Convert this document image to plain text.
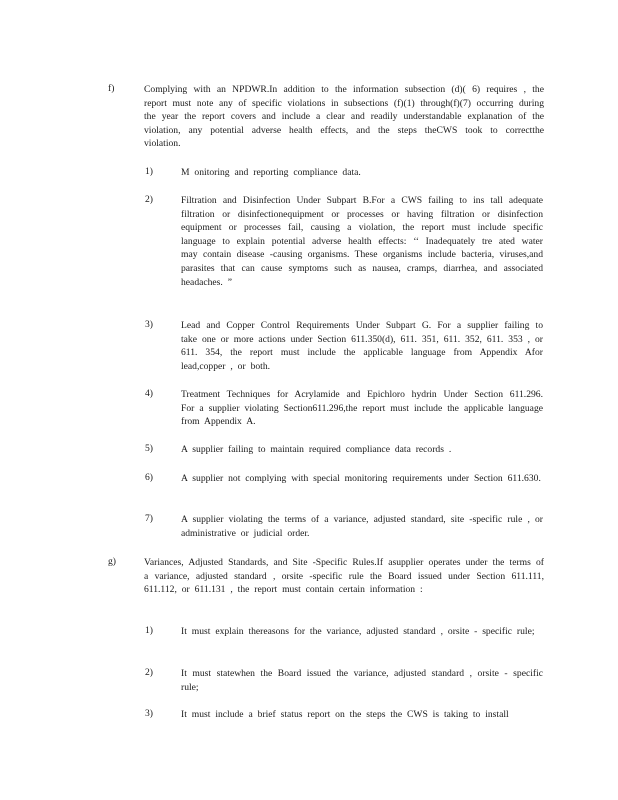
f)	Complying with an NPDWR.In addition to the information subsection (d)( 6) requires , the report must note any of specific violations in subsections (f)(1) through(f)(7) occurring during the year the report covers and include a clear and readily understandable explanation of the violation, any potential adverse health effects, and the steps theCWS took to correctthe violation.
1)	M onitoring and reporting compliance data.
2)	Filtration and Disinfection Under Subpart B.For a CWS failing to ins tall adequate filtration or disinfectionequipment or processes or having filtration or disinfection equipment or processes fail, causing a violation, the report must include specific language to explain potential adverse health effects: ‘‘ Inadequately tre ated water may contain disease -causing organisms. These organisms include bacteria, viruses,and parasites that can cause symptoms such as nausea, cramps, diarrhea, and associated headaches. ”
3)	Lead and Copper Control Requirements Under Subpart G. For a supplier failing to take one or more actions under Section 611.350(d), 611. 351, 611. 352, 611. 353 , or 611. 354, the report must include the applicable language from Appendix Afor lead,copper , or both.
4)	Treatment Techniques for Acrylamide and Epichloro hydrin Under Section 611.296. For a supplier violating Section611.296,the report must include the applicable language from Appendix A.
5)	A supplier failing to maintain required compliance data records .
6)	A supplier not complying with special monitoring requirements under Section 611.630.
7)	A supplier violating the terms of a variance, adjusted standard, site -specific rule , or administrative or judicial order.
g)	Variances, Adjusted Standards, and Site -Specific Rules.If asupplier operates under the terms of a variance, adjusted standard , orsite -specific rule the Board issued under Section 611.111, 611.112, or 611.131 , the report must contain certain information :
1)	It must explain thereasons for the variance, adjusted standard , orsite - specific rule;
2)	It must statewhen the Board issued the variance, adjusted standard , orsite - specific rule;
3)	It must include a brief status report on the steps the CWS is taking to install
